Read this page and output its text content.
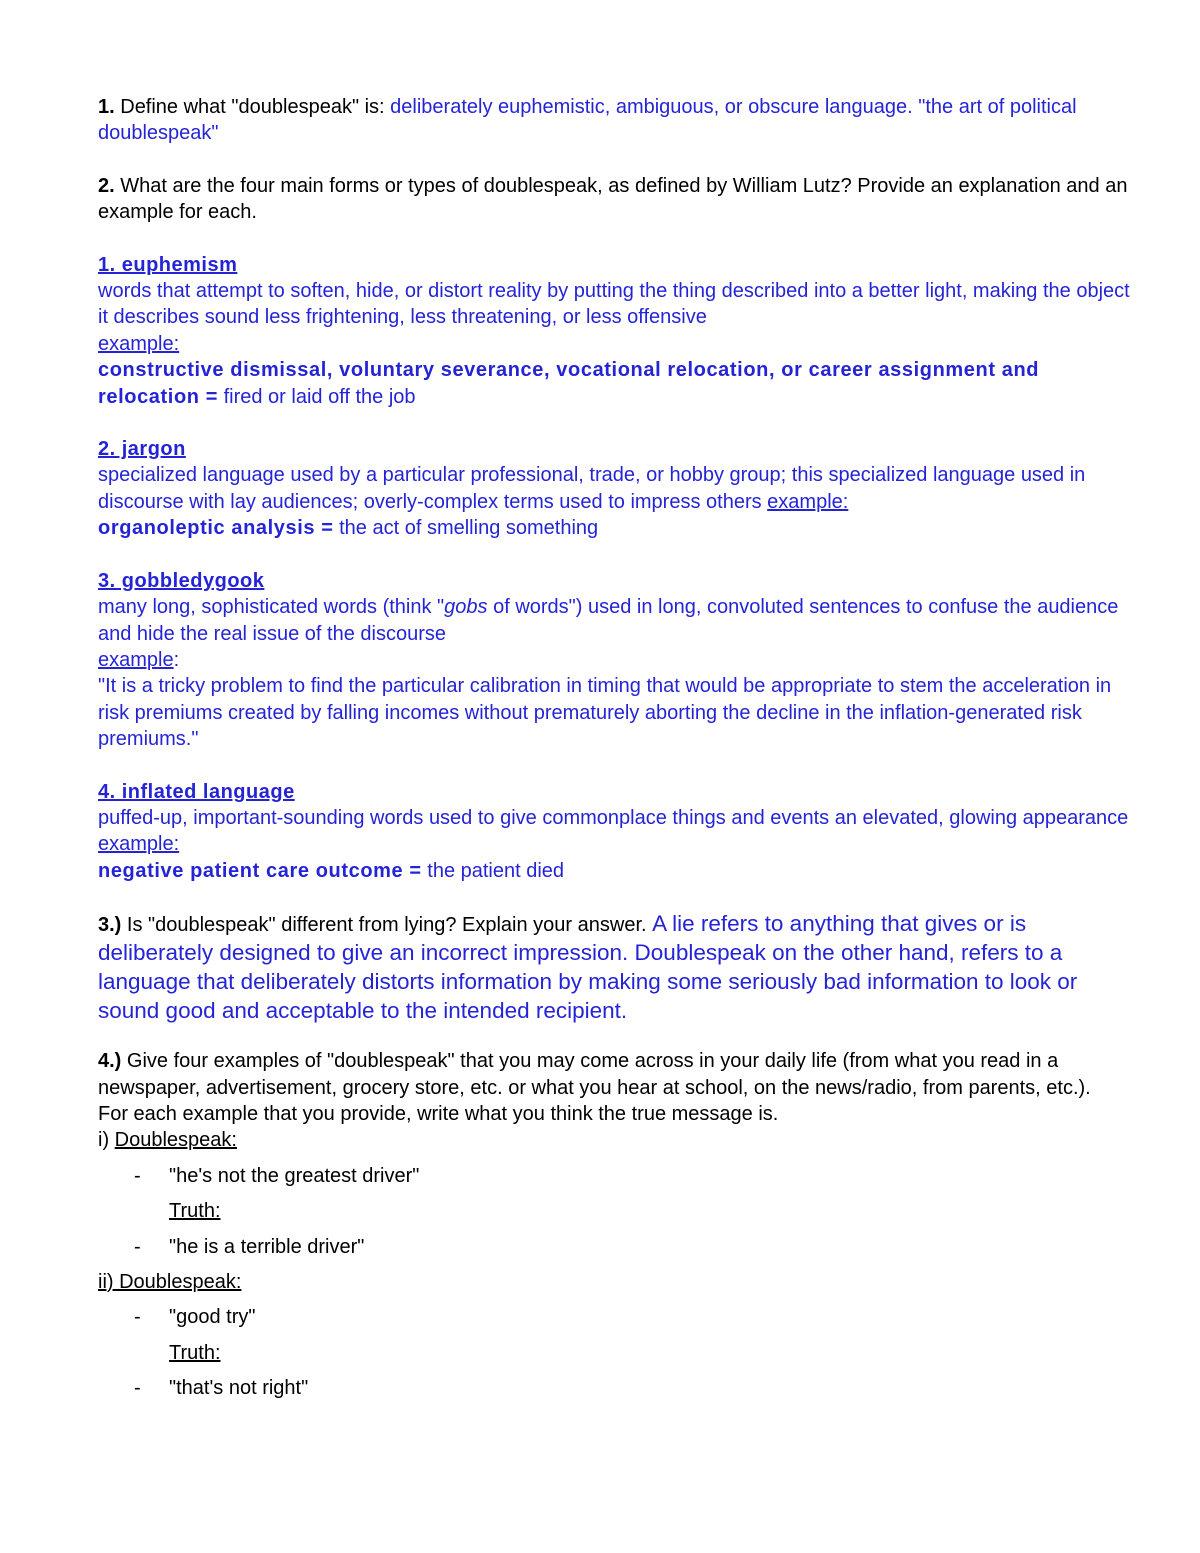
1. Define what "doublespeak" is: deliberately euphemistic, ambiguous, or obscure language. "the art of political doublespeak"
2. What are the four main forms or types of doublespeak, as defined by William Lutz? Provide an explanation and an example for each.
1. euphemism
words that attempt to soften, hide, or distort reality by putting the thing described into a better light, making the object it describes sound less frightening, less threatening, or less offensive
example:
constructive dismissal, voluntary severance, vocational relocation, or career assignment and relocation = fired or laid off the job
2. jargon
specialized language used by a particular professional, trade, or hobby group; this specialized language used in discourse with lay audiences; overly-complex terms used to impress others example:
organoleptic analysis = the act of smelling something
3. gobbledygook
many long, sophisticated words (think "gobs of words") used in long, convoluted sentences to confuse the audience and hide the real issue of the discourse
example:
"It is a tricky problem to find the particular calibration in timing that would be appropriate to stem the acceleration in risk premiums created by falling incomes without prematurely aborting the decline in the inflation-generated risk premiums."
4. inflated language
puffed-up, important-sounding words used to give commonplace things and events an elevated, glowing appearance
example:
negative patient care outcome = the patient died
3.) Is "doublespeak" different from lying? Explain your answer. A lie refers to anything that gives or is deliberately designed to give an incorrect impression. Doublespeak on the other hand, refers to a language that deliberately distorts information by making some seriously bad information to look or sound good and acceptable to the intended recipient.
4.) Give four examples of "doublespeak" that you may come across in your daily life (from what you read in a newspaper, advertisement, grocery store, etc. or what you hear at school, on the news/radio, from parents, etc.).
For each example that you provide, write what you think the true message is.
i) Doublespeak:
- "he's not the greatest driver"
Truth:
- "he is a terrible driver"
ii) Doublespeak:
- "good try"
Truth:
- "that's not right"
